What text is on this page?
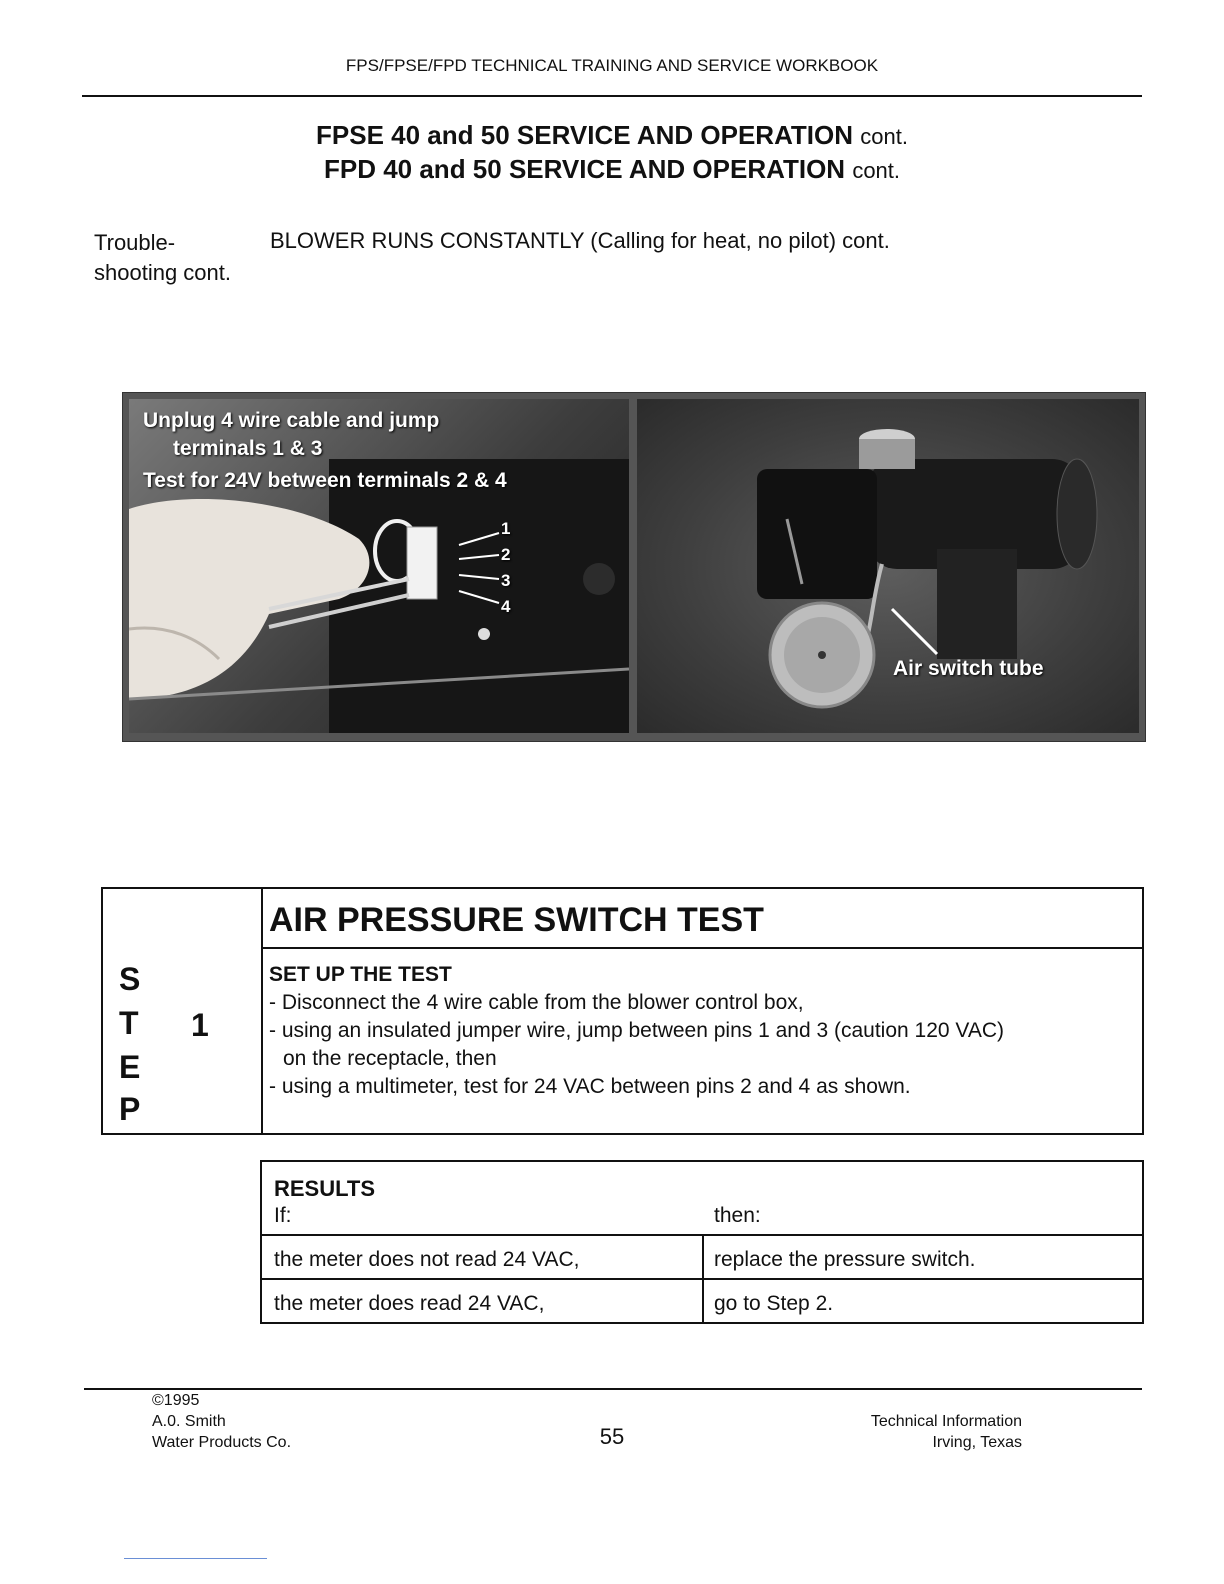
FPS/FPSE/FPD TECHNICAL TRAINING AND SERVICE WORKBOOK
FPSE 40 and 50 SERVICE AND OPERATION cont.
FPD 40 and 50 SERVICE AND OPERATION cont.
Trouble-
shooting cont.
BLOWER RUNS CONSTANTLY (Calling for heat, no pilot) cont.
Unplug 4 wire cable and jump
terminals 1 & 3
Test for 24V between terminals 2 & 4
1
2
3
4
Air switch tube
S
T
E
P
1
AIR PRESSURE SWITCH TEST
SET UP THE TEST
- Disconnect the 4 wire cable from the blower control box,
- using an insulated jumper wire, jump between pins 1 and 3 (caution 120 VAC)
on the receptacle, then
- using a multimeter, test for 24 VAC between pins 2 and 4 as shown.
RESULTS
If:	then:
the meter does not read 24 VAC,	replace the pressure switch.
the meter does read 24 VAC,	go to Step 2.
©1995
A.0. Smith
Water Products Co.	55
Technical Information
Irving, Texas
